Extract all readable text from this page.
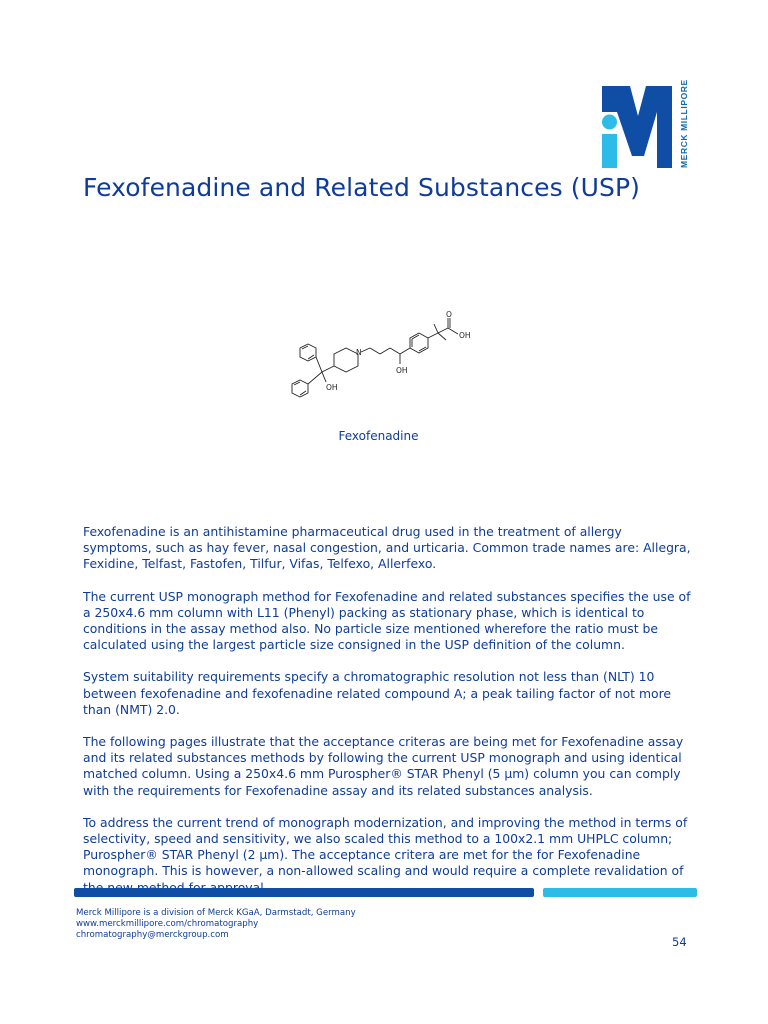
MERCK MILLIPORE
Fexofenadine and Related Substances (USP)
N
OH
OH
O
OH
Fexofenadine

Fexofenadine is an antihistamine pharmaceutical drug used in the treatment of allergy symptoms, such as hay fever, nasal congestion, and urticaria. Common trade names are: Allegra, Fexidine, Telfast, Fastofen, Tilfur, Vifas, Telfexo, Allerfexo.

The current USP monograph method for Fexofenadine and related substances specifies the use of a 250x4.6 mm column with L11 (Phenyl) packing as stationary phase, which is identical to conditions in the assay method also. No particle size mentioned wherefore the ratio must be calculated using the largest particle size consigned in the USP definition of the column.

System suitability requirements specify a chromatographic resolution not less than (NLT) 10 between fexofenadine and fexofenadine related compound A; a peak tailing factor of not more than (NMT) 2.0.

The following pages illustrate that the acceptance criteras are being met for Fexofenadine assay and its related substances methods by following the current USP monograph and using identical matched column. Using a 250x4.6 mm Purospher® STAR Phenyl (5 µm) column you can comply with the requirements for Fexofenadine assay and its related substances analysis.

To address the current trend of monograph modernization, and improving the method in terms of selectivity, speed and sensitivity, we also scaled this method to a 100x2.1 mm UHPLC column; Purospher® STAR Phenyl (2 µm). The acceptance critera are met for the for Fexofenadine monograph. This is however, a non-allowed scaling and would require a complete revalidation of

Merck Millipore is a division of Merck KGaA, Darmstadt, Germany
www.merckmillipore.com/chromatography
chromatography@merckgroup.com	54
